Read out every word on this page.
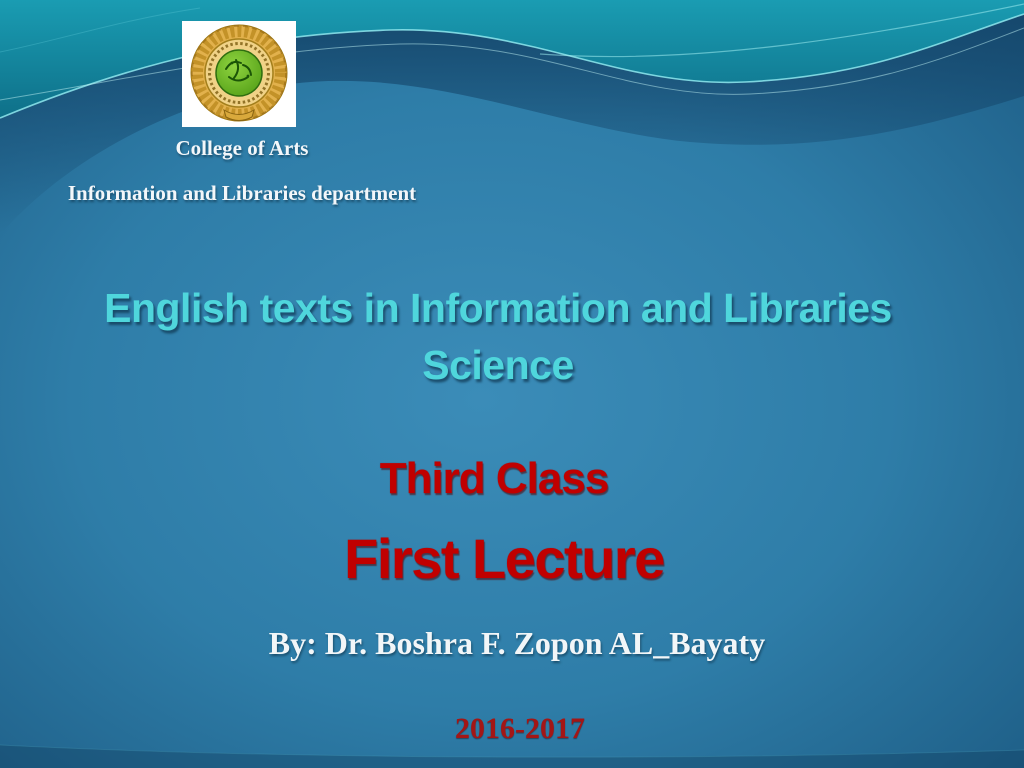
College of Arts
Information and Libraries department
English texts in Information and Libraries
Science
Third Class
First Lecture
By: Dr. Boshra F. Zopon AL_Bayaty
2016-2017
